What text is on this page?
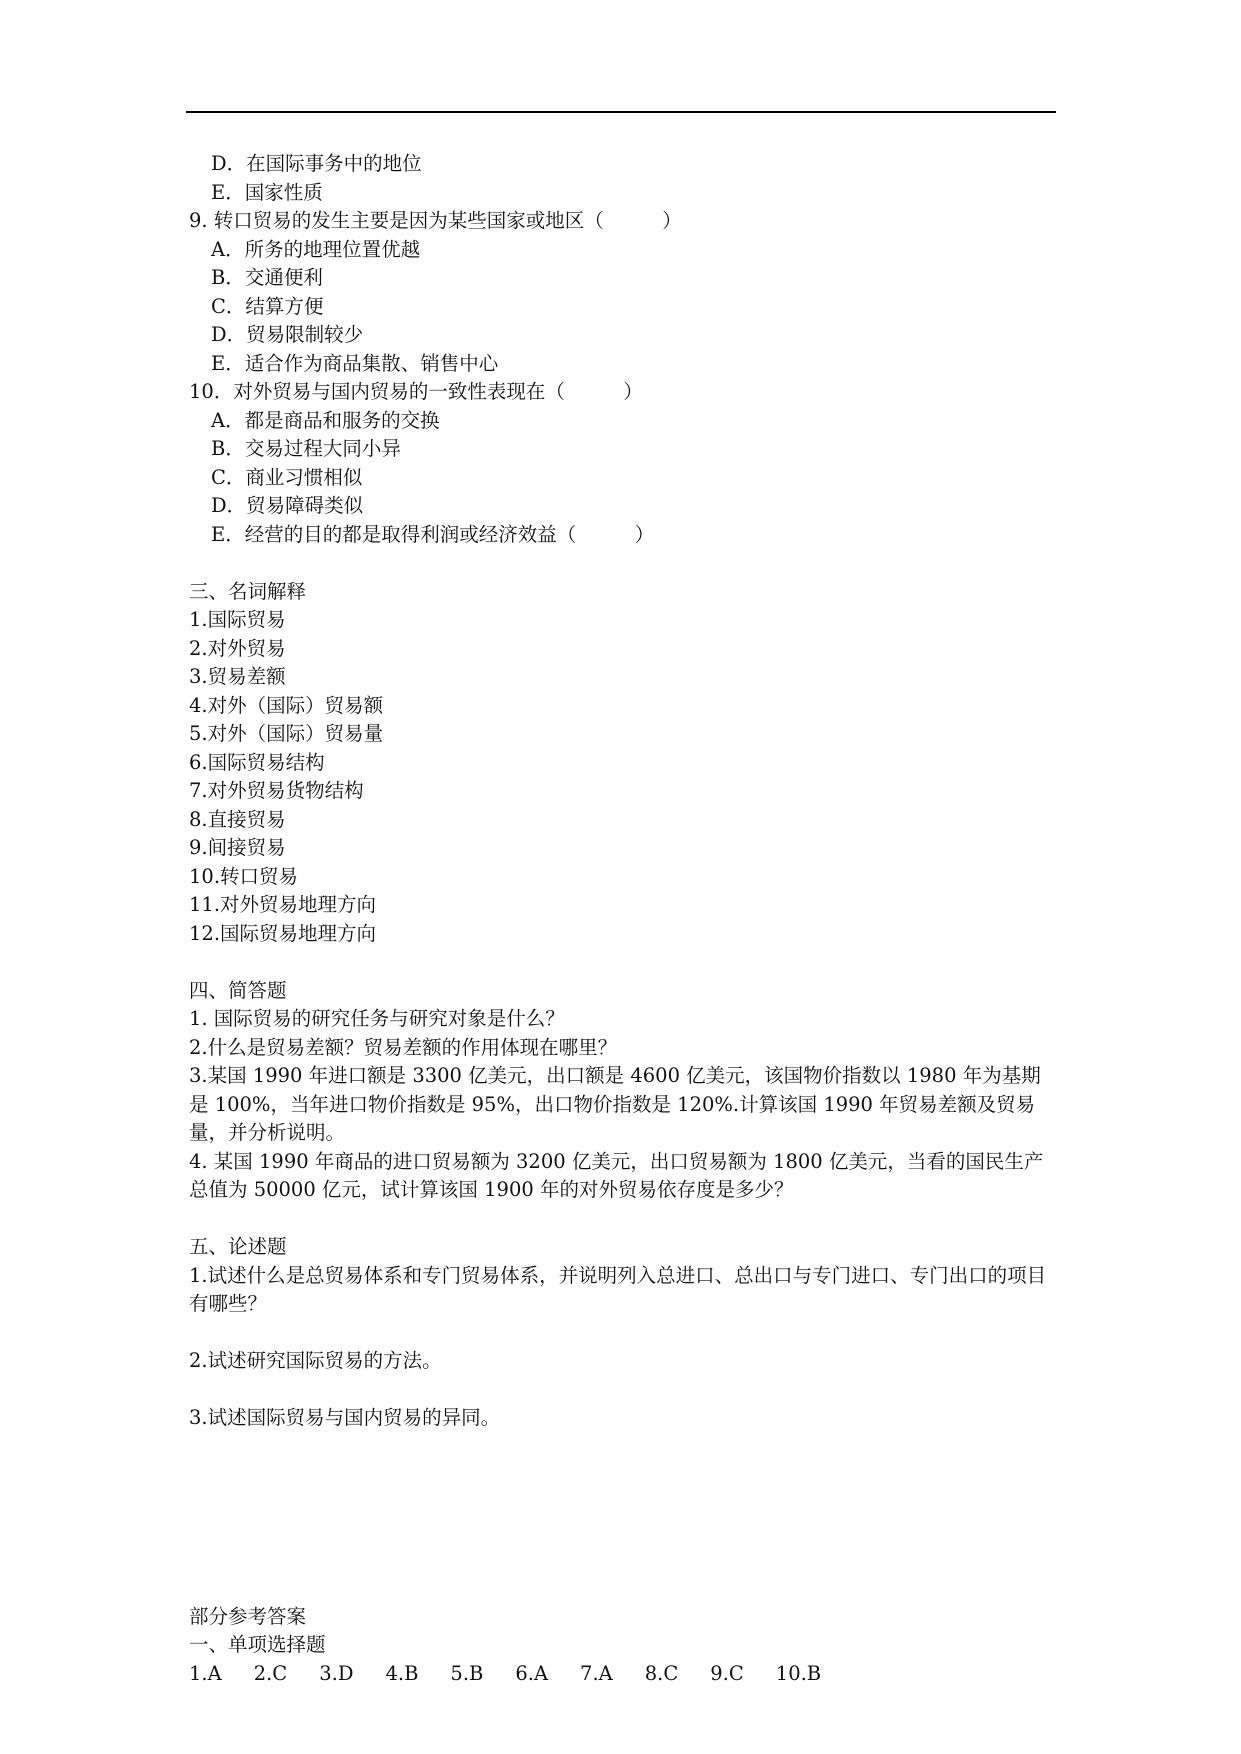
D．在国际事务中的地位
E．国家性质
9. 转口贸易的发生主要是因为某些国家或地区（　　　）
A．所务的地理位置优越
B．交通便利
C．结算方便
D．贸易限制较少
E．适合作为商品集散、销售中心
10．对外贸易与国内贸易的一致性表现在（　　　）
A．都是商品和服务的交换
B．交易过程大同小异
C．商业习惯相似
D．贸易障碍类似
E．经营的目的都是取得利润或经济效益（　　　）
三、名词解释
1.国际贸易
2.对外贸易
3.贸易差额
4.对外（国际）贸易额
5.对外（国际）贸易量
6.国际贸易结构
7.对外贸易货物结构
8.直接贸易
9.间接贸易
10.转口贸易
11.对外贸易地理方向
12.国际贸易地理方向
四、简答题
1. 国际贸易的研究任务与研究对象是什么？
2.什么是贸易差额？贸易差额的作用体现在哪里？
3.某国 1990 年进口额是 3300 亿美元，出口额是 4600 亿美元，该国物价指数以 1980 年为基期是 100%，当年进口物价指数是 95%，出口物价指数是 120%.计算该国 1990 年贸易差额及贸易量，并分析说明。
4. 某国 1990 年商品的进口贸易额为 3200 亿美元，出口贸易额为 1800 亿美元，当看的国民生产总值为 50000 亿元，试计算该国 1900 年的对外贸易依存度是多少？
五、论述题
1.试述什么是总贸易体系和专门贸易体系，并说明列入总进口、总出口与专门进口、专门出口的项目有哪些？
2.试述研究国际贸易的方法。
3.试述国际贸易与国内贸易的异同。
部分参考答案
一、单项选择题
1.A 2.C 3.D 4.B 5.B 6.A 7.A 8.C 9.C 10.B
